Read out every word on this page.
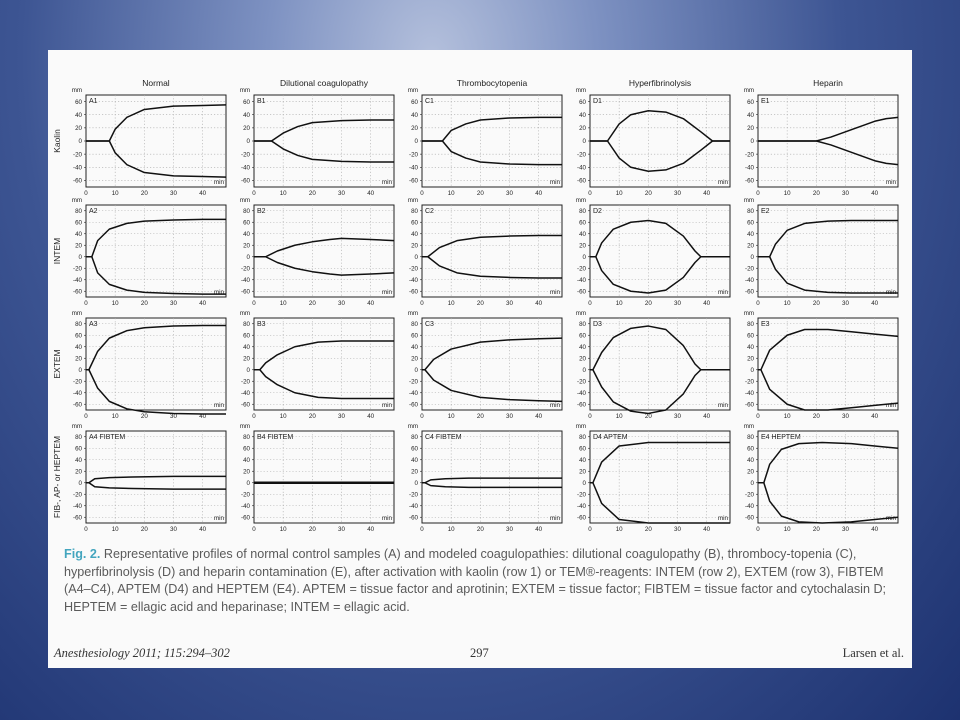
Normal	Dilutional coagulopathy	Thrombocytopenia	Hyperfibrinolysis	Heparin
Kaolin
mm
60
40
20
0
-20
-40
-60
0	10	20	30	40
min
A1
mm
60
40
20
0
-20
-40
-60
0	10	20	30	40
min
B1
mm
60
40
20
0
-20
-40
-60
0	10	20	30	40
min
C1
mm
60
40
20
0
-20
-40
-60
0	10	20	30	40
min
D1
mm
60
40
20
0
-20
-40
-60
0	10	20	30	40
min
E1
INTEM
mm
80
60
40
20
0
-20
-40
-60
0	10	20	30	40
min
A2
mm
80
60
40
20
0
-20
-40
-60
0	10	20	30	40
min
B2
mm
80
60
40
20
0
-20
-40
-60
0	10	20	30	40
min
C2
mm
80
60
40
20
0
-20
-40
-60
0	10	20	30	40
min
D2
mm
80
60
40
20
0
-20
-40
-60
0	10	20	30	40
min
E2
EXTEM
mm
80
60
40
20
0
-20
-40
-60
0	10	20	30	40
min
A3
mm
80
60
40
20
0
-20
-40
-60
0	10	20	30	40
min
B3
mm
80
60
40
20
0
-20
-40
-60
0	10	20	30	40
min
C3
mm
80
60
40
20
0
-20
-40
-60
0	10	20	30	40
min
D3
mm
80
60
40
20
0
-20
-40
-60
0	10	20	30	40
min
E3
FIB-, AP- or HEPTEM
mm
80
60
40
20
0
-20
-40
-60
0	10	20	30	40
min
A4 FIBTEM
mm
80
60
40
20
0
-20
-40
-60
0	10	20	30	40
min
B4 FIBTEM
mm
80
60
40
20
0
-20
-40
-60
0	10	20	30	40
min
C4 FIBTEM
mm
80
60
40
20
0
-20
-40
-60
0	10	20	30	40
min
D4 APTEM
mm
80
60
40
20
0
-20
-40
-60
0	10	20	30	40
min
E4 HEPTEM
Fig. 2. Representative profiles of normal control samples (A) and modeled coagulopathies: dilutional coagulopathy (B), thrombocy-topenia (C), hyperfibrinolysis (D) and heparin contamination (E), after activation with kaolin (row 1) or TEM®-reagents: INTEM (row 2), EXTEM (row 3), FIBTEM (A4–C4), APTEM (D4) and HEPTEM (E4). APTEM = tissue factor and aprotinin; EXTEM = tissue factor; FIBTEM = tissue factor and cytochalasin D; HEPTEM = ellagic acid and heparinase; INTEM = ellagic acid.
Anesthesiology 2011; 115:294–302	297	Larsen et al.
